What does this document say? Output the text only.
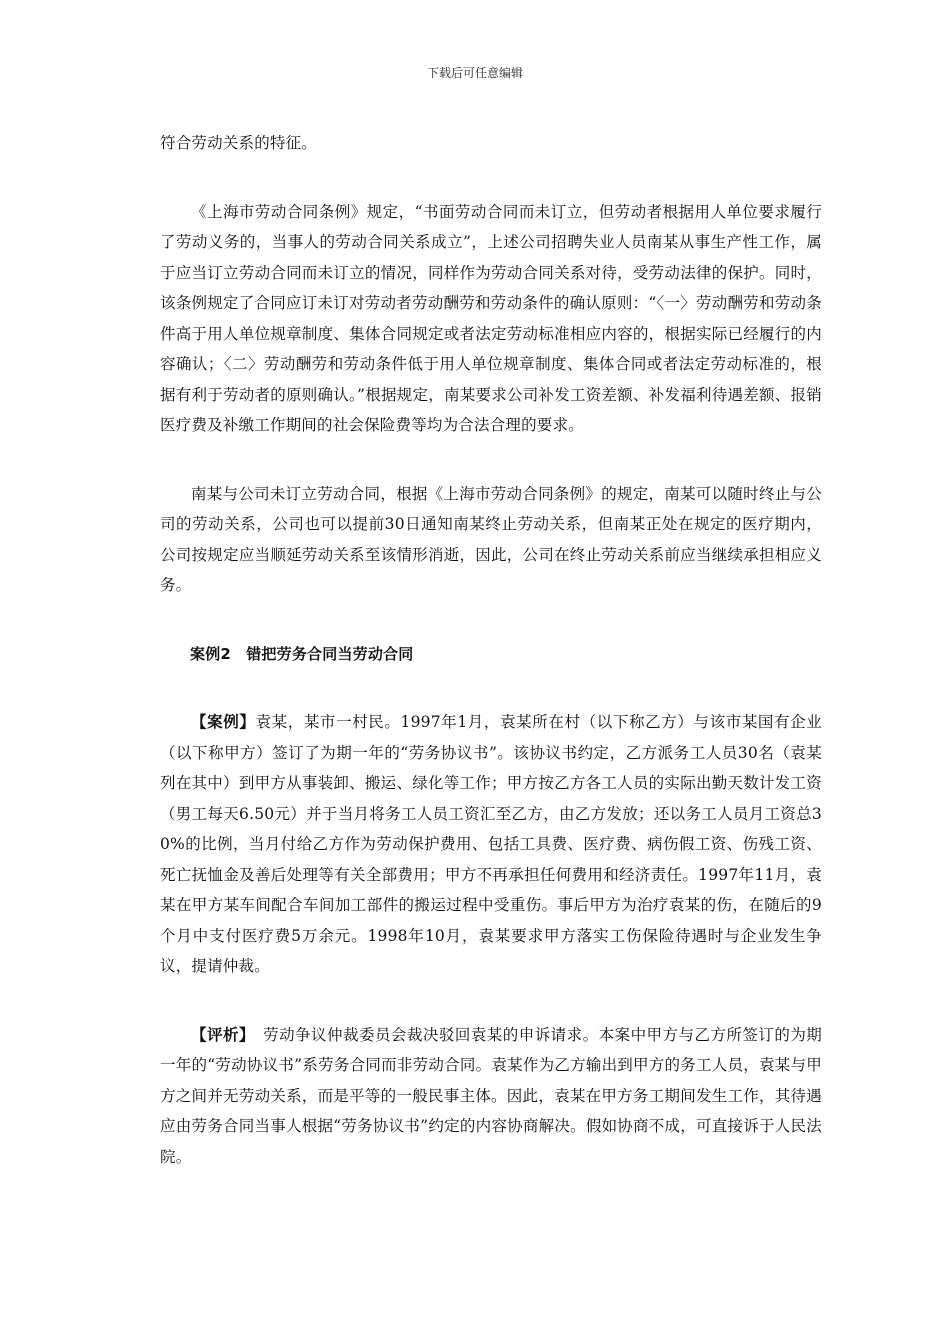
下载后可任意编辑

符合劳动关系的特征。

《上海市劳动合同条例》规定，“书面劳动合同而未订立，但劳动者根据用人单位要求履行了劳动义务的，当事人的劳动合同关系成立”，上述公司招聘失业人员南某从事生产性工作，属于应当订立劳动合同而未订立的情况，同样作为劳动合同关系对待，受劳动法律的保护。同时，该条例规定了合同应订未订对劳动者劳动酬劳和劳动条件的确认原则：“〈一〉劳动酬劳和劳动条件高于用人单位规章制度、集体合同规定或者法定劳动标准相应内容的，根据实际已经履行的内容确认；〈二〉劳动酬劳和劳动条件低于用人单位规章制度、集体合同或者法定劳动标准的，根据有利于劳动者的原则确认。”根据规定，南某要求公司补发工资差额、补发福利待遇差额、报销医疗费及补缴工作期间的社会保险费等均为合法合理的要求。

南某与公司未订立劳动合同，根据《上海市劳动合同条例》的规定，南某可以随时终止与公司的劳动关系，公司也可以提前30日通知南某终止劳动关系，但南某正处在规定的医疗期内，公司按规定应当顺延劳动关系至该情形消逝，因此，公司在终止劳动关系前应当继续承担相应义务。

案例2　错把劳务合同当劳动合同

【案例】袁某，某市一村民。1997年1月，袁某所在村（以下称乙方）与该市某国有企业（以下称甲方）签订了为期一年的“劳务协议书”。该协议书约定，乙方派务工人员30名（袁某列在其中）到甲方从事装卸、搬运、绿化等工作；甲方按乙方各工人员的实际出勤天数计发工资（男工每天6.50元）并于当月将务工人员工资汇至乙方，由乙方发放；还以务工人员月工资总30%的比例，当月付给乙方作为劳动保护费用、包括工具费、医疗费、病伤假工资、伤残工资、死亡抚恤金及善后处理等有关全部费用；甲方不再承担任何费用和经济责任。1997年11月，袁某在甲方某车间配合车间加工部件的搬运过程中受重伤。事后甲方为治疗袁某的伤，在随后的9个月中支付医疗费5万余元。1998年10月，袁某要求甲方落实工伤保险待遇时与企业发生争议，提请仲裁。

【评析】　劳动争议仲裁委员会裁决驳回袁某的申诉请求。本案中甲方与乙方所签订的为期一年的“劳动协议书”系劳务合同而非劳动合同。袁某作为乙方输出到甲方的务工人员，袁某与甲方之间并无劳动关系，而是平等的一般民事主体。因此，袁某在甲方务工期间发生工作，其待遇应由劳务合同当事人根据“劳务协议书”约定的内容协商解决。假如协商不成，可直接诉于人民法院。
